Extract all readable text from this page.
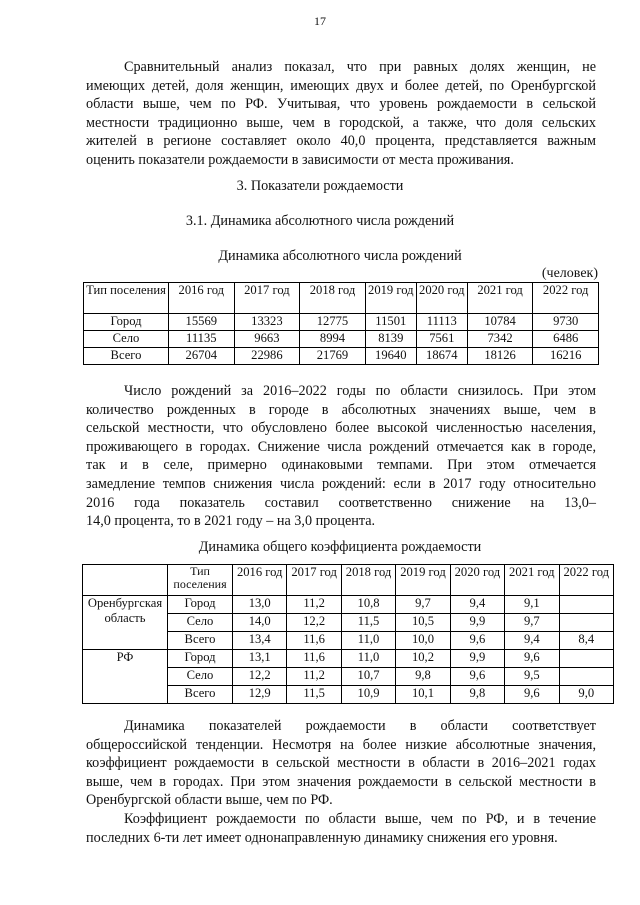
17
Сравнительный анализ показал, что при равных долях женщин, не
имеющих детей, доля женщин, имеющих двух и более детей, по Оренбургской
области выше, чем по РФ. Учитывая, что уровень рождаемости в сельской
местности традиционно выше, чем в городской, а также, что доля сельских
жителей в регионе составляет около 40,0 процента, представляется важным
оценить показатели рождаемости в зависимости от места проживания.
3. Показатели рождаемости
3.1. Динамика абсолютного числа рождений
Динамика абсолютного числа рождений
(человек)
Тип поселения	2016 год	2017 год	2018 год	2019 год	2020 год	2021 год	2022 год
Город	15569	13323	12775	11501	11113	10784	9730
Село	11135	9663	8994	8139	7561	7342	6486
Всего	26704	22986	21769	19640	18674	18126	16216
Число рождений за 2016–2022 годы по области снизилось. При этом
количество рожденных в городе в абсолютных значениях выше, чем в
сельской местности, что обусловлено более высокой численностью населения,
проживающего в городах. Снижение числа рождений отмечается как в городе,
так и в селе, примерно одинаковыми темпами. При этом отмечается
замедление темпов снижения числа рождений: если в 2017 году относительно
2016 года показатель составил соответственно снижение на 13,0–
14,0 процента, то в 2021 году – на 3,0 процента.
Динамика общего коэффициента рождаемости
	Тип поселения	2016 год	2017 год	2018 год	2019 год	2020 год	2021 год	2022 год
Оренбургская область	Город	13,0	11,2	10,8	9,7	9,4	9,1	
	Село	14,0	12,2	11,5	10,5	9,9	9,7	
	Всего	13,4	11,6	11,0	10,0	9,6	9,4	8,4
РФ	Город	13,1	11,6	11,0	10,2	9,9	9,6	
	Село	12,2	11,2	10,7	9,8	9,6	9,5	
	Всего	12,9	11,5	10,9	10,1	9,8	9,6	9,0
Динамика показателей рождаемости в области соответствует
общероссийской тенденции. Несмотря на более низкие абсолютные значения,
коэффициент рождаемости в сельской местности в области в 2016–2021 годах
выше, чем в городах. При этом значения рождаемости в сельской местности в
Оренбургской области выше, чем по РФ.
Коэффициент рождаемости по области выше, чем по РФ, и в течение
последних 6-ти лет имеет однонаправленную динамику снижения его уровня.
